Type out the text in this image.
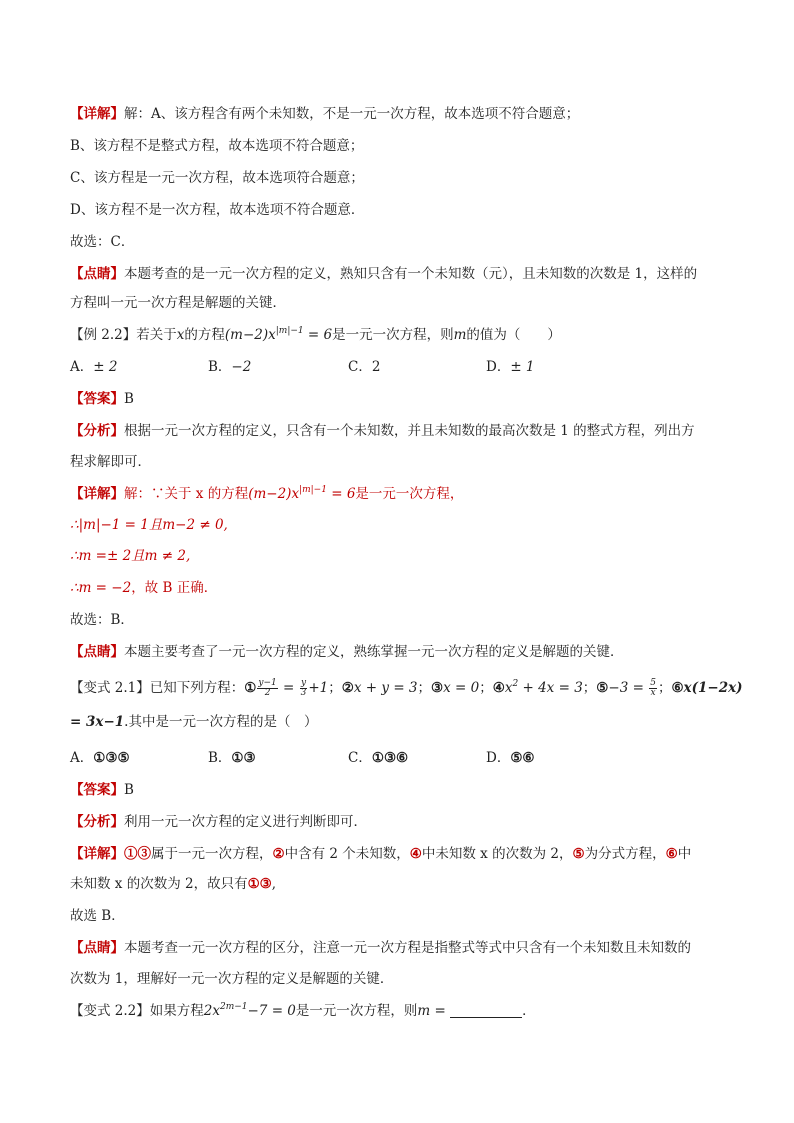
【详解】解：A、该方程含有两个未知数，不是一元一次方程，故本选项不符合题意；
B、该方程不是整式方程，故本选项不符合题意；
C、该方程是一元一次方程，故本选项符合题意；
D、该方程不是一次方程，故本选项不符合题意．
故选：C．
【点睛】本题考查的是一元一次方程的定义，熟知只含有一个未知数（元），且未知数的次数是 1，这样的
方程叫一元一次方程是解题的关键．
【例 2.2】若关于x的方程$(m-2)x^{|m|-1} = 6$是一元一次方程，则m的值为（　　）
A．± 2	B．−2	C．2	D．± 1
【答案】B
【分析】根据一元一次方程的定义，只含有一个未知数，并且未知数的最高次数是 1 的整式方程，列出方
程求解即可．
【详解】解：∵关于 x 的方程$(m-2)x^{|m|-1} = 6$是一元一次方程，
∴|m|−1 = 1且m−2 ≠ 0,
∴m =± 2且m ≠ 2,
∴m = −2，故 B 正确．
故选：B．
【点睛】本题主要考查了一元一次方程的定义，熟练掌握一元一次方程的定义是解题的关键．
【变式 2.1】已知下列方程：① $\frac{y-1}{2} = \frac{y}{3} +1$；②x + y = 3；③x = 0；$④x^2 + 4x = 3$；⑤−3 = $\frac{5}{x}$ ；⑥x(1−2x)
= 3x−1.其中是一元一次方程的是（　）
A．①③⑤	B．①③	C．①③⑥	D．⑤⑥
【答案】B
【分析】利用一元一次方程的定义进行判断即可．
【详解】①③属于一元一次方程，②中含有 2 个未知数，④中未知数 x 的次数为 2，⑤为分式方程，⑥中
未知数 x 的次数为 2，故只有①③,
故选 B．
【点睛】本题考查一元一次方程的区分，注意一元一次方程是指整式等式中只含有一个未知数且未知数的
次数为 1，理解好一元一次方程的定义是解题的关键．
【变式 2.2】如果方程$2x^{2m-1}-7 = 0$是一元一次方程，则m =	．
